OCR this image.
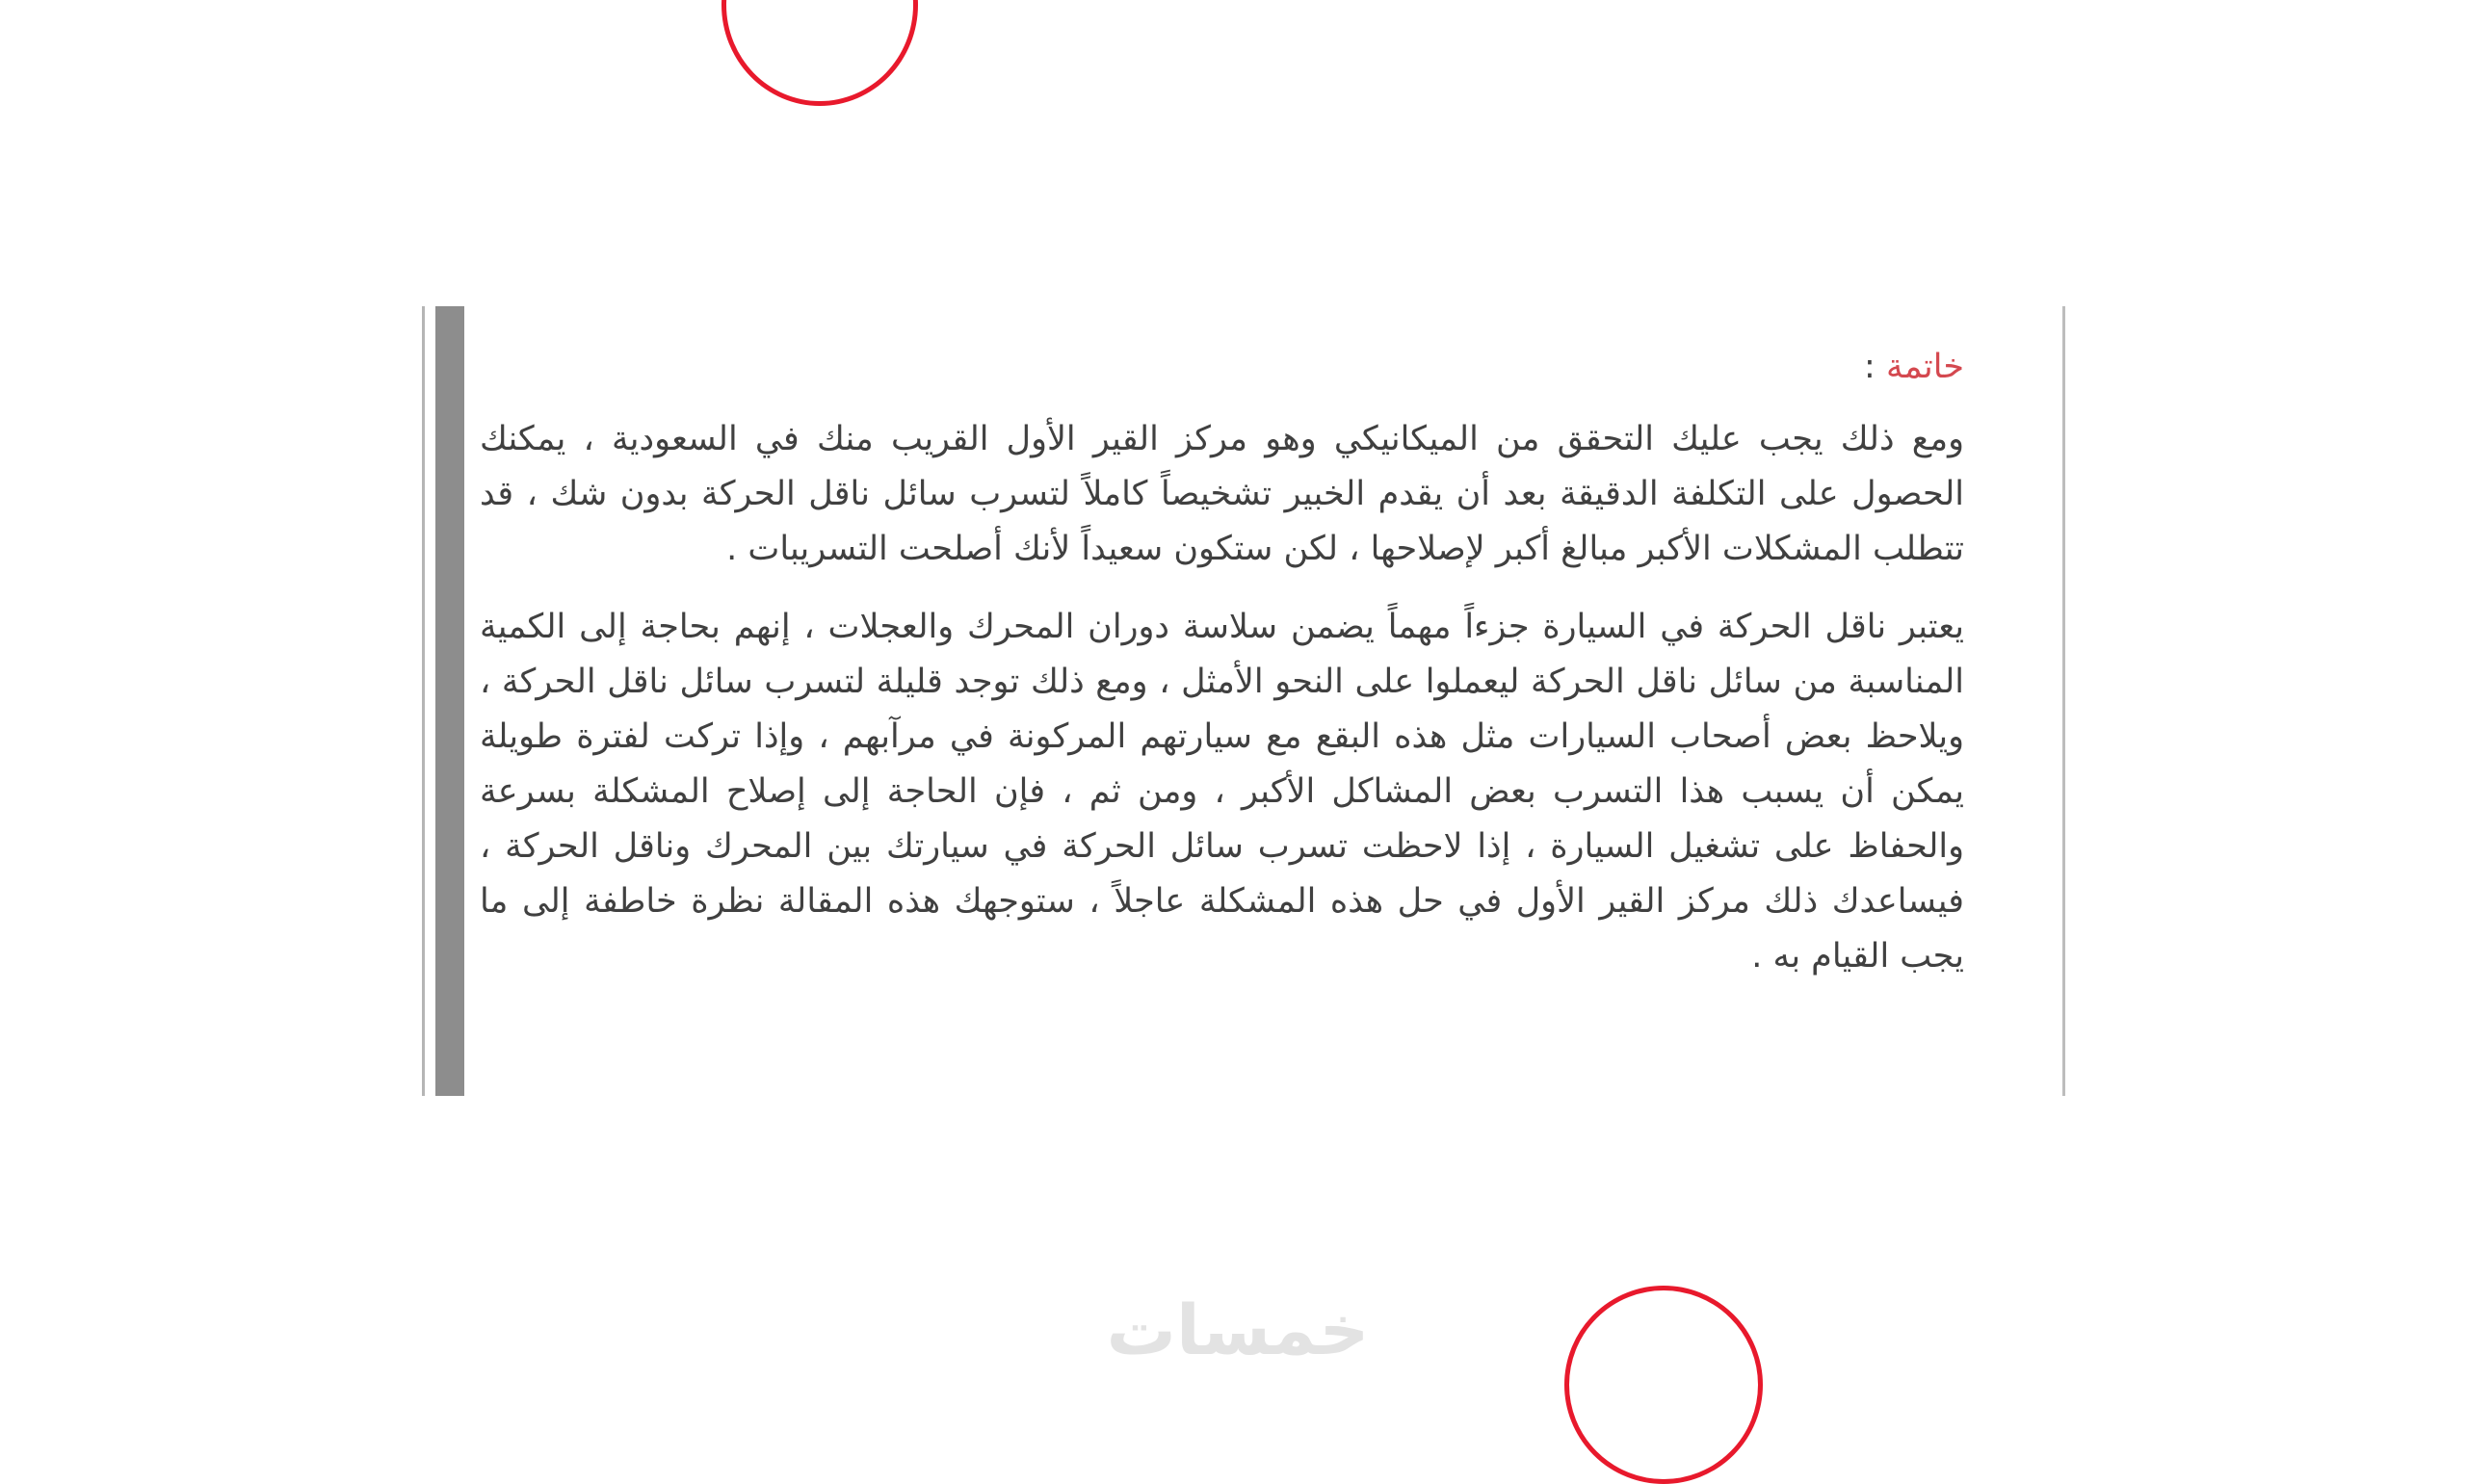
خاتمة :

ومع ذلك يجب عليك التحقق من الميكانيكي وهو مركز القير الأول القريب منك في السعودية ، يمكنك الحصول على التكلفة الدقيقة بعد أن يقدم الخبير تشخيصاً كاملاً لتسرب سائل ناقل الحركة بدون شك ، قد تتطلب المشكلات الأكبر مبالغ أكبر لإصلاحها ، لكن ستكون سعيداً لأنك أصلحت التسريبات .

يعتبر ناقل الحركة في السيارة جزءاً مهماً يضمن سلاسة دوران المحرك والعجلات ، إنهم بحاجة إلى الكمية المناسبة من سائل ناقل الحركة ليعملوا على النحو الأمثل ، ومع ذلك توجد قليلة لتسرب سائل ناقل الحركة ، ويلاحظ بعض أصحاب السيارات مثل هذه البقع مع سيارتهم المركونة في مرآبهم ، وإذا تركت لفترة طويلة يمكن أن يسبب هذا التسرب بعض المشاكل الأكبر ، ومن ثم ، فإن الحاجة إلى إصلاح المشكلة بسرعة والحفاظ على تشغيل السيارة ، إذا لاحظت تسرب سائل الحركة في سيارتك بين المحرك وناقل الحركة ، فيساعدك ذلك مركز القير الأول في حل هذه المشكلة عاجلاً ، ستوجهك هذه المقالة نظرة خاطفة إلى ما يجب القيام به .

خمسات
